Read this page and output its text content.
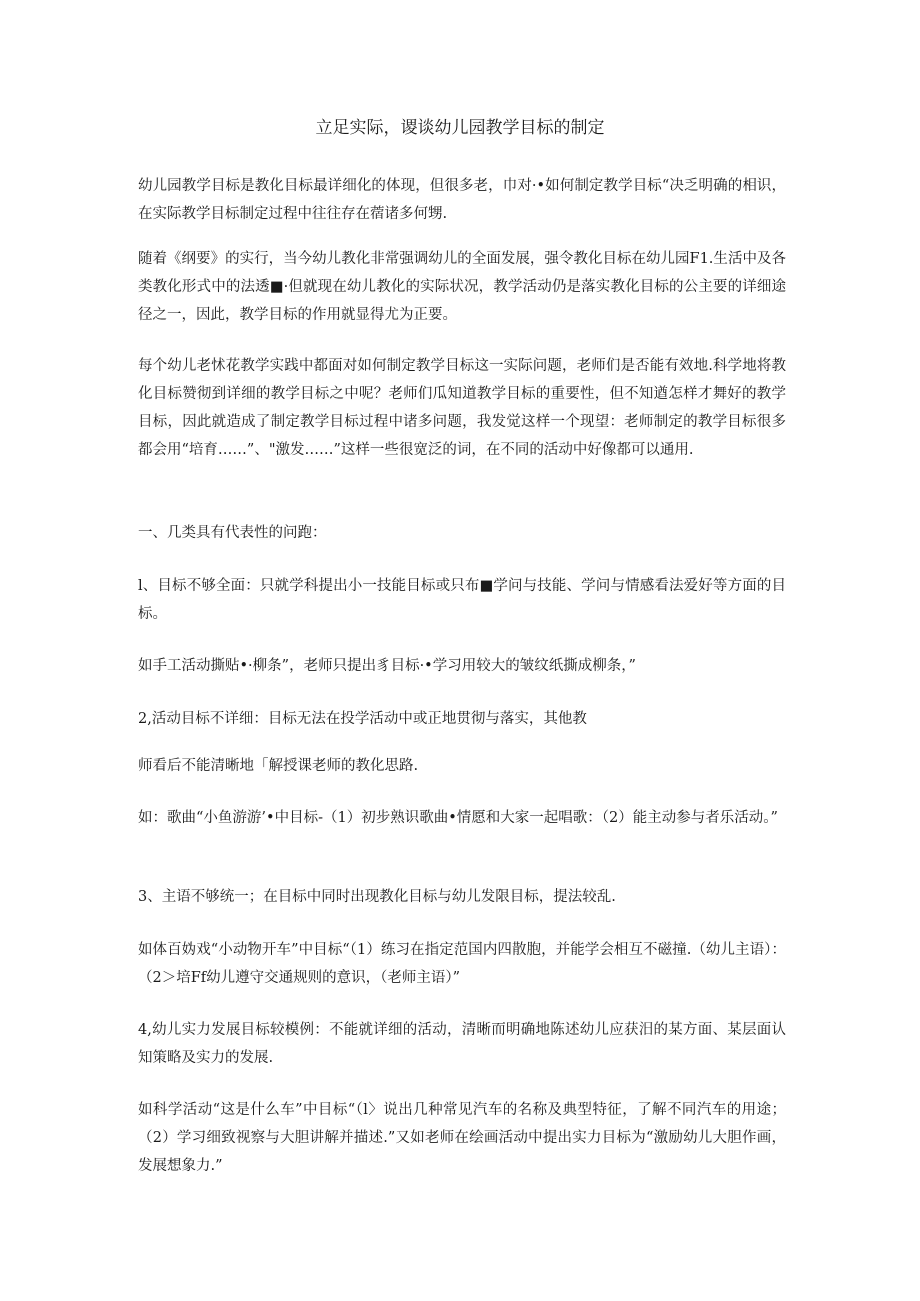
立足实际，谡谈幼儿园教学目标的制定

幼儿园教学目标是教化目标最详细化的体现，但很多老，巾对·•如何制定教学目标“决乏明确的相识，在实际教学目标制定过程中往往存在蓿诸多何甥.

随着《纲要》的实行，当今幼儿教化非常强调幼儿的全面发展，强令教化目标在幼儿园F1.生活中及各类教化形式中的法透■·但就现在幼儿教化的实际状况，教学活动仍是落实教化目标的公主要的详细途径之一，因此，教学目标的作用就显得尤为正要。

每个幼儿老怵花教学实践中都面对如何制定教学目标这一实际问题，老师们是否能有效地.科学地将教化目标赞彻到详细的教学目标之中呢？老师们瓜知道教学目标的重要性，但不知遒怎样才舞好的教学目标，因此就造成了制定教学目标过程中诸多问题，我发觉这样一个现望：老师制定的教学目标很多都会用“培育……”、"激发……”这样一些很宽泛的词，在不同的活动中好像都可以通用.

一、几类具有代表性的问跑：

l、目标不够全面：只就学科提出小一技能目标或只布■学问与技能、学问与情感看法爱好等方面的目标。

如手工活动撕贴•·柳条”，老师只提出豸目标·•学习用较大的皱纹纸撕成柳条，”

2,活动目标不详细：目标无法在投学活动中或正地贯彻与落实，其他教

师看后不能清晰地「解授课老师的教化思路.

如：歌曲“小鱼游游’•中目标-（1）初步熟识歌曲•情愿和大家一起唱歌：（2）能主动参与者乐活动。”

3、主语不够统一；在目标中同时出现教化目标与幼儿发限目标，提法较乱.

如体百妫戏“小动物开车”中目标“（1）练习在指定范国内四散胞，并能学会相互不磁撞.（幼儿主语）：（2＞培Ff幼儿遵守交通规则的意识，（老师主语）”

4,幼儿实力发展目标较模例：不能就详细的活动，清晰而明确地陈述幼儿应获汨的某方面、某层面认知策略及实力的发展.

如科学活动“这是什么车”中目标“（l〉说出几种常见汽车的名称及典型特征，了解不同汽车的用途；（2）学习细致视察与大胆讲解并描述.”又如老师在绘画活动中提出实力目标为“激励幼儿大胆作画，发展想象力.”
